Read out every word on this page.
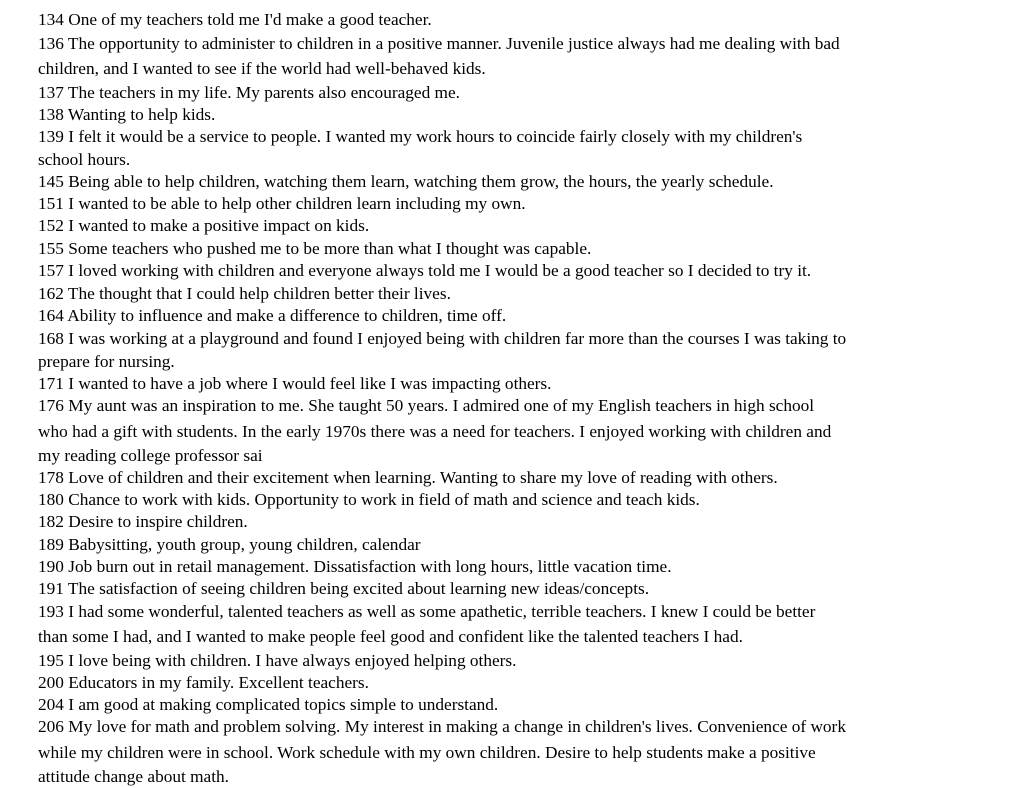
134 One of my teachers told me I'd make a good teacher.
136 The opportunity to administer to children in a positive manner. Juvenile justice always had me dealing with bad
children, and I wanted to see if the world had well-behaved kids.
137 The teachers in my life. My parents also encouraged me.
138 Wanting to help kids.
139 I felt it would be a service to people. I wanted my work hours to coincide fairly closely with my children's
school hours.
145 Being able to help children, watching them learn, watching them grow, the hours, the yearly schedule.
151 I wanted to be able to help other children learn including my own.
152 I wanted to make a positive impact on kids.
155 Some teachers who pushed me to be more than what I thought was capable.
157 I loved working with children and everyone always told me I would be a good teacher so I decided to try it.
162 The thought that I could help children better their lives.
164 Ability to influence and make a difference to children, time off.
168 I was working at a playground and found I enjoyed being with children far more than the courses I was taking to
prepare for nursing.
171 I wanted to have a job where I would feel like I was impacting others.
176 My aunt was an inspiration to me. She taught 50 years. I admired one of my English teachers in high school
who had a gift with students. In the early 1970s there was a need for teachers. I enjoyed working with children and
my reading college professor sai
178 Love of children and their excitement when learning. Wanting to share my love of reading with others.
180 Chance to work with kids. Opportunity to work in field of math and science and teach kids.
182 Desire to inspire children.
189 Babysitting, youth group, young children, calendar
190 Job burn out in retail management. Dissatisfaction with long hours, little vacation time.
191 The satisfaction of seeing children being excited about learning new ideas/concepts.
193 I had some wonderful, talented teachers as well as some apathetic, terrible teachers. I knew I could be better
than some I had, and I wanted to make people feel good and confident like the talented teachers I had.
195 I love being with children. I have always enjoyed helping others.
200 Educators in my family. Excellent teachers.
204 I am good at making complicated topics simple to understand.
206 My love for math and problem solving. My interest in making a change in children's lives. Convenience of work
while my children were in school. Work schedule with my own children. Desire to help students make a positive
attitude change about math.
